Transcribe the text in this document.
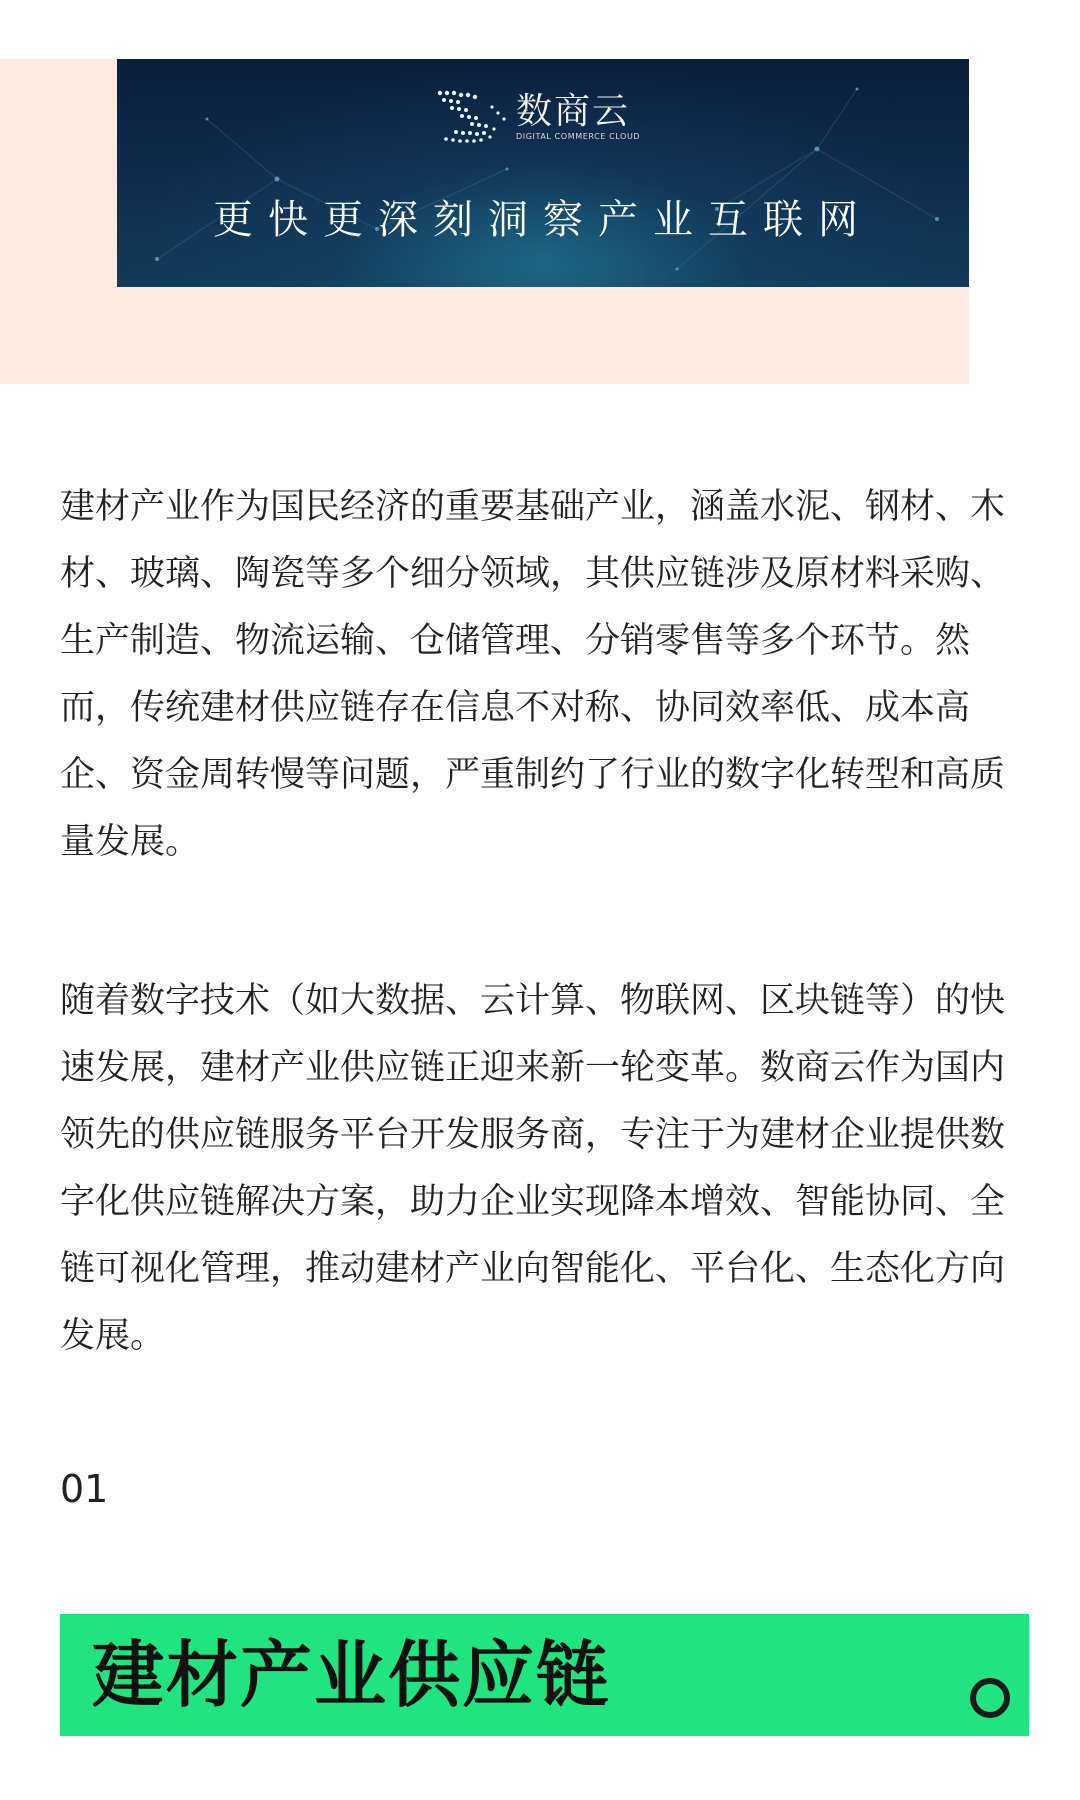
数商云
DIGITAL COMMERCE CLOUD
更快更深刻洞察产业互联网

建材产业作为国民经济的重要基础产业，涵盖水泥、钢材、木材、玻璃、陶瓷等多个细分领域，其供应链涉及原材料采购、生产制造、物流运输、仓储管理、分销零售等多个环节。然而，传统建材供应链存在信息不对称、协同效率低、成本高企、资金周转慢等问题，严重制约了行业的数字化转型和高质量发展。

随着数字技术（如大数据、云计算、物联网、区块链等）的快速发展，建材产业供应链正迎来新一轮变革。数商云作为国内领先的供应链服务平台开发服务商，专注于为建材企业提供数字化供应链解决方案，助力企业实现降本增效、智能协同、全链可视化管理，推动建材产业向智能化、平台化、生态化方向发展。

01
建材产业供应链
